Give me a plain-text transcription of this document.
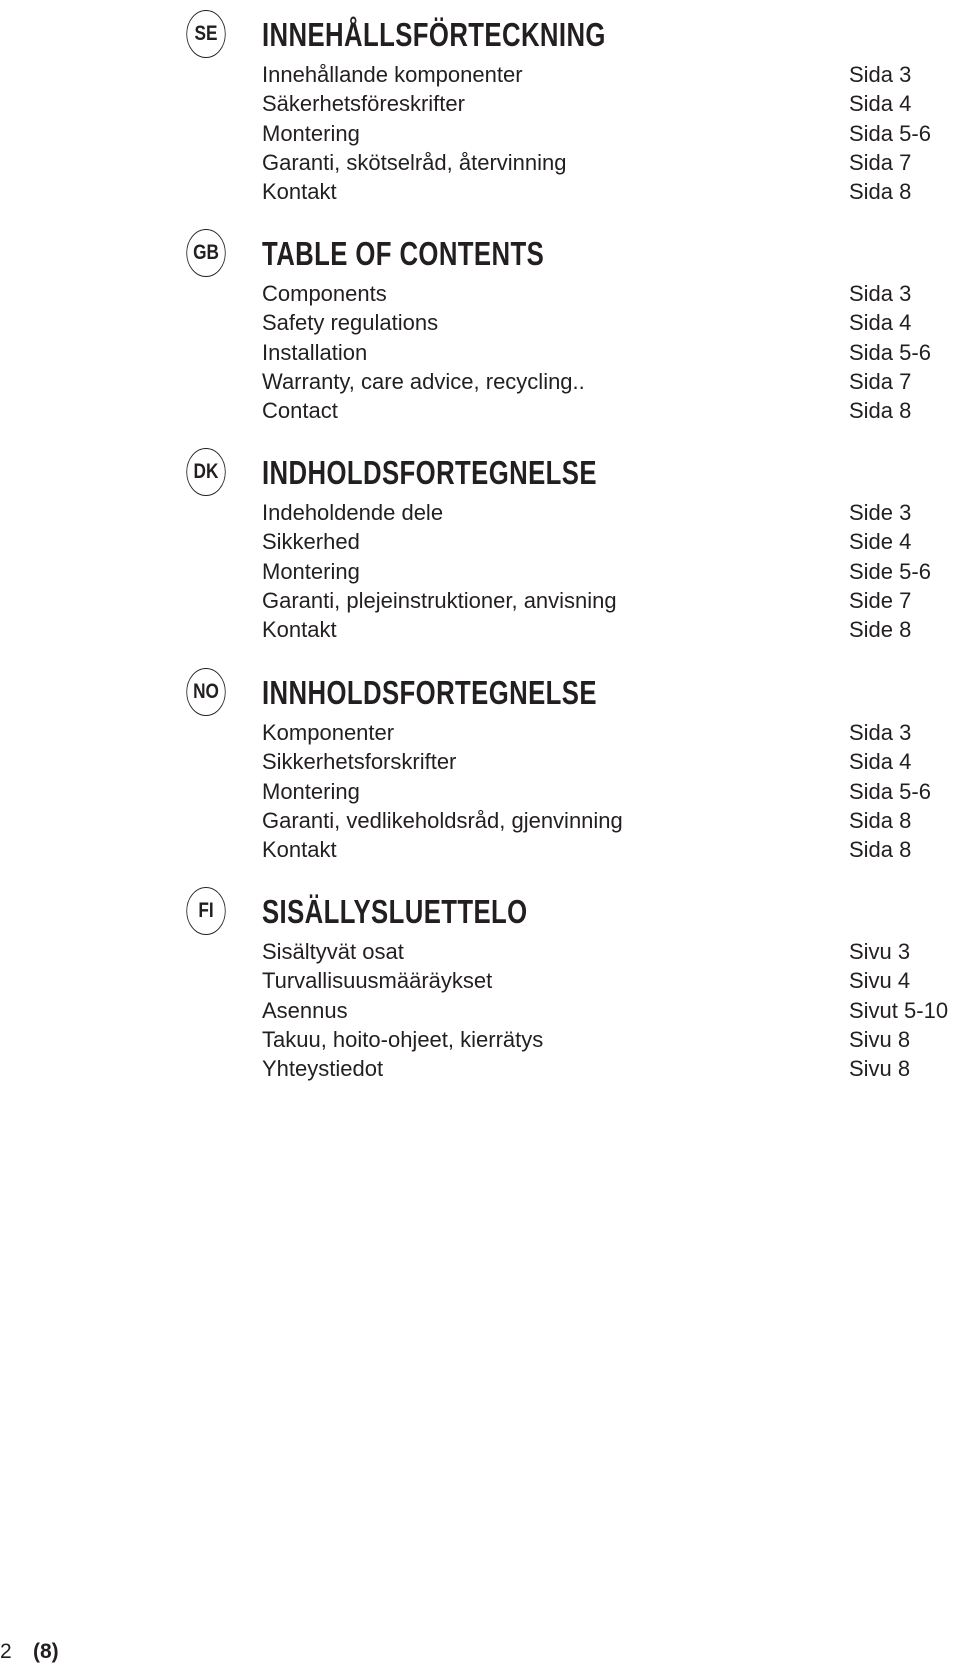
SE INNEHÅLLSFÖRTECKNING
Innehållande komponenter	Sida 3
Säkerhetsföreskrifter	Sida 4
Montering	Sida 5-6
Garanti, skötselråd, återvinning	Sida 7
Kontakt	Sida 8
GB TABLE OF CONTENTS
Components	Sida 3
Safety regulations	Sida 4
Installation	Sida 5-6
Warranty, care advice, recycling..	Sida 7
Contact	Sida 8
DK INDHOLDSFORTEGNELSE
Indeholdende dele	Side 3
Sikkerhed	Side 4
Montering	Side 5-6
Garanti, plejeinstruktioner, anvisning	Side 7
Kontakt	Side 8
NO INNHOLDSFORTEGNELSE
Komponenter	Sida 3
Sikkerhetsforskrifter	Sida 4
Montering	Sida 5-6
Garanti, vedlikeholdsråd, gjenvinning	Sida 8
Kontakt	Sida 8
FI	SISÄLLYSLUETTELO
Sisältyvät osat	Sivu 3
Turvallisuusmääräykset	Sivu 4
Asennus	Sivut 5-10
Takuu, hoito-ohjeet, kierrätys	Sivu 8
Yhteystiedot	Sivu 8
2 (8)
